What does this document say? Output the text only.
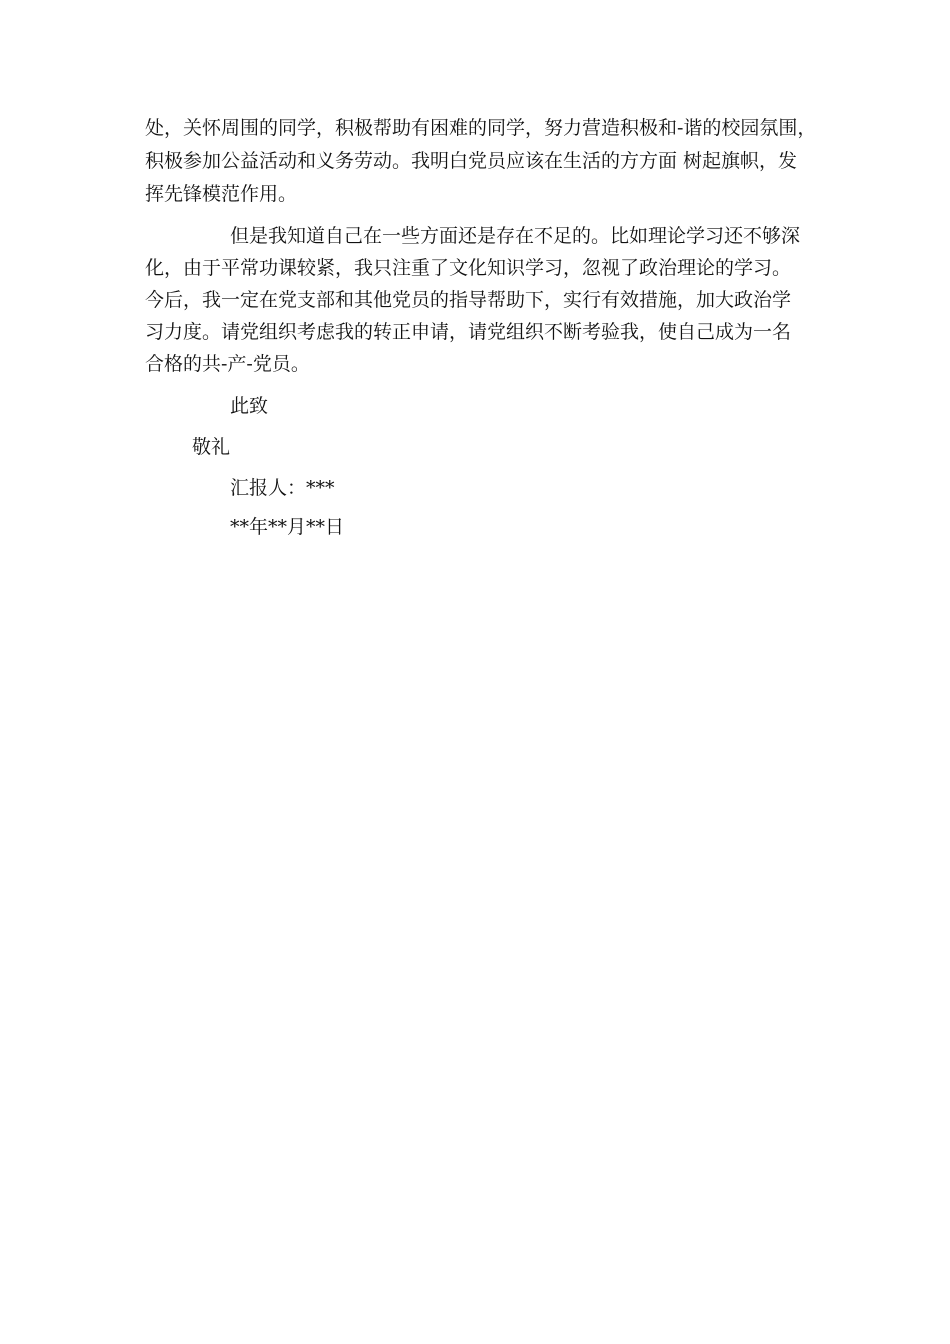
处，关怀周围的同学，积极帮助有困难的同学，努力营造积极和-谐的校园氛围，
积极参加公益活动和义务劳动。我明白党员应该在生活的方方面 树起旗帜，发
挥先锋模范作用。
但是我知道自己在一些方面还是存在不足的。比如理论学习还不够深
化，由于平常功课较紧，我只注重了文化知识学习，忽视了政治理论的学习。
今后，我一定在党支部和其他党员的指导帮助下，实行有效措施，加大政治学
习力度。请党组织考虑我的转正申请，请党组织不断考验我，使自己成为一名
合格的共-产-党员。
此致
敬礼
汇报人：***
**年**月**日
